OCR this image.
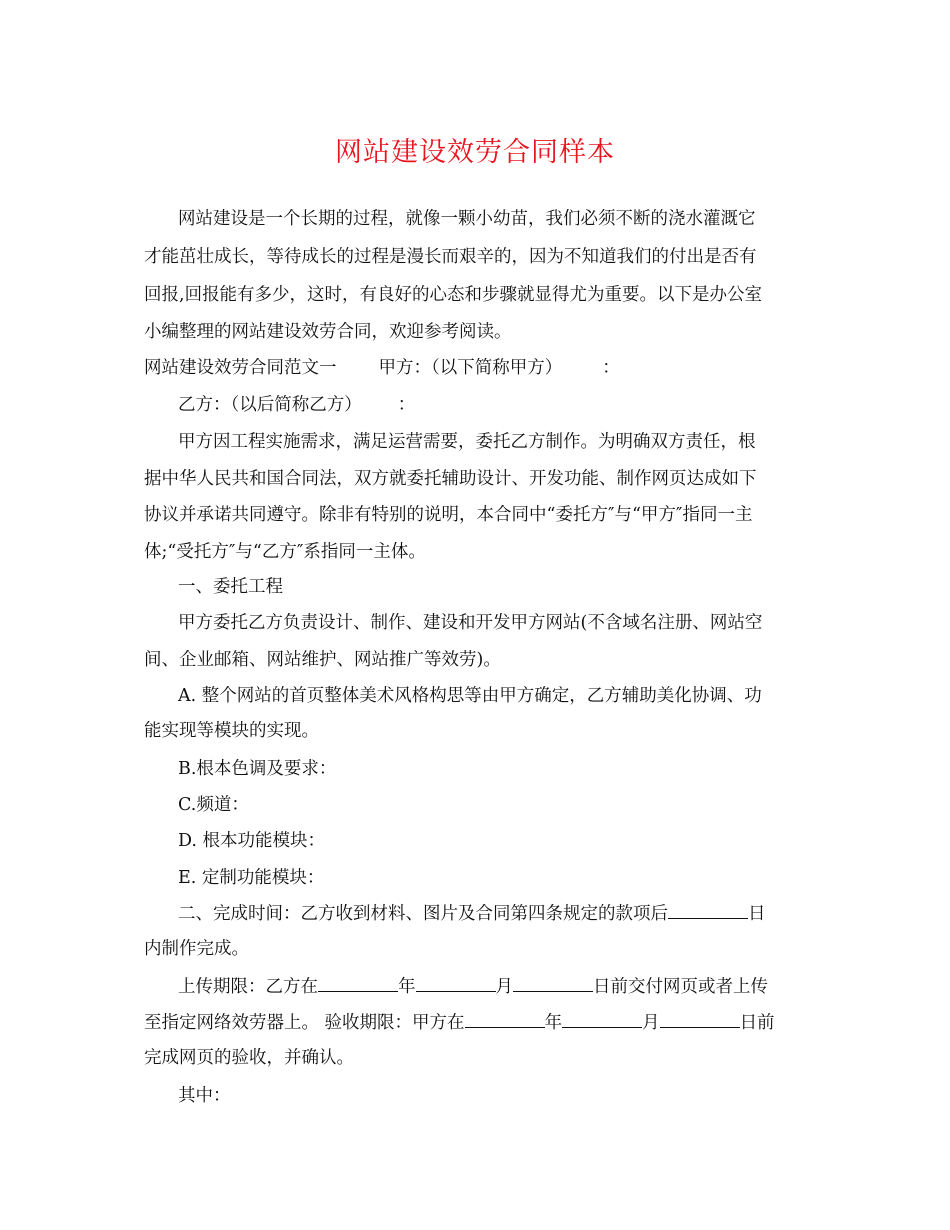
网站建设效劳合同样本
网站建设是一个长期的过程，就像一颗小幼苗，我们必须不断的浇水灌溉它
才能茁壮成长，等待成长的过程是漫长而艰辛的，因为不知道我们的付出是否有
回报,回报能有多少，这时，有良好的心态和步骤就显得尤为重要。以下是办公室
小编整理的网站建设效劳合同，欢迎参考阅读。
网站建设效劳合同范文一 甲方：（以下简称甲方） ：
乙方：（以后简称乙方） ：
甲方因工程实施需求，满足运营需要，委托乙方制作。为明确双方责任，根
据中华人民共和国合同法，双方就委托辅助设计、开发功能、制作网页达成如下
协议并承诺共同遵守。除非有特别的说明，本合同中“委托方″与“甲方″指同一主
体;“受托方″与“乙方″系指同一主体。
一、委托工程
甲方委托乙方负责设计、制作、建设和开发甲方网站(不含域名注册、网站空
间、企业邮箱、网站维护、网站推广等效劳)。
A. 整个网站的首页整体美术风格构思等由甲方确定，乙方辅助美化协调、功
能实现等模块的实现。
B.根本色调及要求：
C.频道：
D. 根本功能模块：
E. 定制功能模块：
二、完成时间：乙方收到材料、图片及合同第四条规定的款项后	日
内制作完成。
上传期限：乙方在	年	月	日前交付网页或者上传
至指定网络效劳器上。 验收期限：甲方在	年	月	日前
完成网页的验收，并确认。
其中：
